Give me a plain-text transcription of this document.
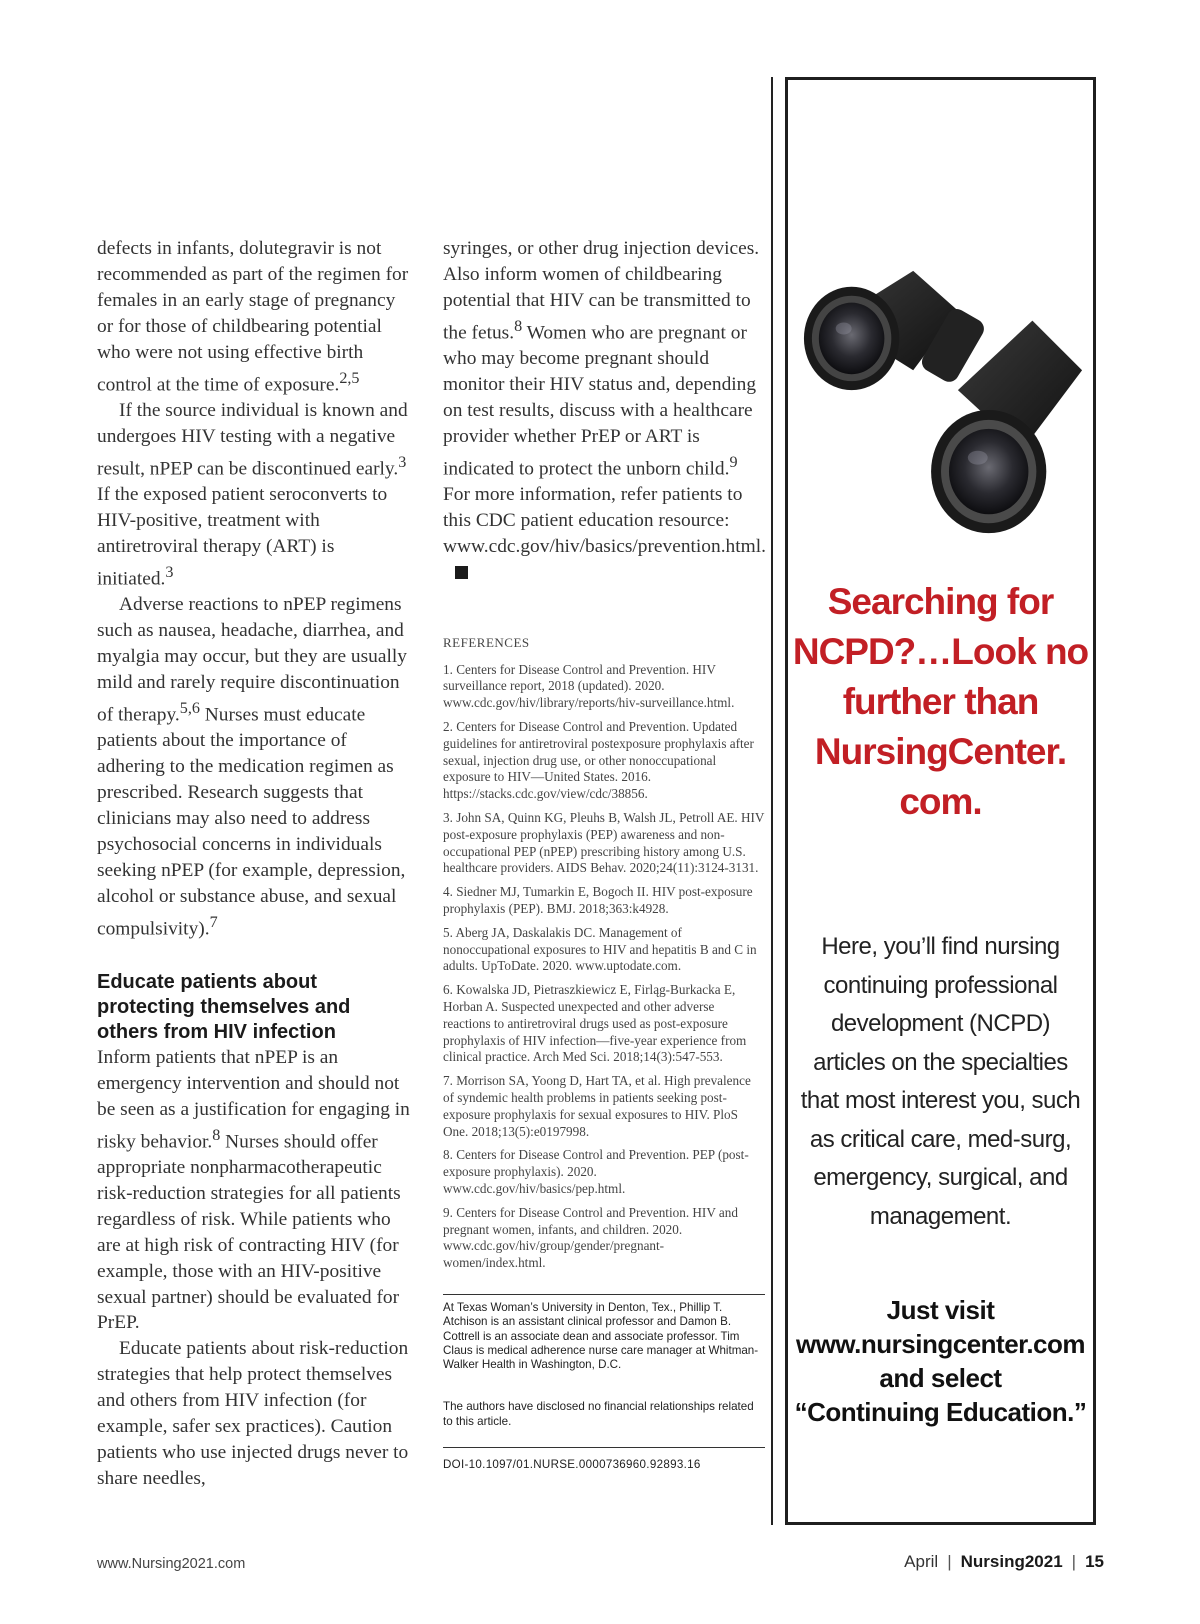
defects in infants, dolutegravir is not recommended as part of the regimen for females in an early stage of pregnancy or for those of childbearing potential who were not using effective birth control at the time of exposure.$^{2,5}$

If the source individual is known and undergoes HIV testing with a negative result, nPEP can be discontinued early.$^3$ If the exposed patient seroconverts to HIV-positive, treatment with antiretroviral therapy (ART) is initiated.$^3$

Adverse reactions to nPEP regimens such as nausea, headache, diarrhea, and myalgia may occur, but they are usually mild and rarely require discontinuation of therapy.$^{5,6}$ Nurses must educate patients about the importance of adhering to the medication regimen as prescribed. Research suggests that clinicians may also need to address psychosocial concerns in individuals seeking nPEP (for example, depression, alcohol or substance abuse, and sexual compulsivity).$^7$

Educate patients about protecting themselves and others from HIV infection

Inform patients that nPEP is an emergency intervention and should not be seen as a justification for engaging in risky behavior.$^8$ Nurses should offer appropriate nonpharmacotherapeutic risk-reduction strategies for all patients regardless of risk. While patients who are at high risk of contracting HIV (for example, those with an HIV-positive sexual partner) should be evaluated for PrEP.

Educate patients about risk-reduction strategies that help protect themselves and others from HIV infection (for example, safer sex practices). Caution patients who use injected drugs never to share needles,

syringes, or other drug injection devices. Also inform women of childbearing potential that HIV can be transmitted to the fetus.$^8$ Women who are pregnant or who may become pregnant should monitor their HIV status and, depending on test results, discuss with a healthcare provider whether PrEP or ART is indicated to protect the unborn child.$^9$ For more information, refer patients to this CDC patient education resource: www.cdc.gov/hiv/basics/prevention.html.

REFERENCES
1. Centers for Disease Control and Prevention. HIV surveillance report, 2018 (updated). 2020. www.cdc.gov/hiv/library/reports/hiv-surveillance.html.
2. Centers for Disease Control and Prevention. Updated guidelines for antiretroviral postexposure prophylaxis after sexual, injection drug use, or other nonoccupational exposure to HIV—United States. 2016. https://stacks.cdc.gov/view/cdc/38856.
3. John SA, Quinn KG, Pleuhs B, Walsh JL, Petroll AE. HIV post-exposure prophylaxis (PEP) awareness and non-occupational PEP (nPEP) prescribing history among U.S. healthcare providers. AIDS Behav. 2020;24(11):3124-3131.
4. Siedner MJ, Tumarkin E, Bogoch II. HIV post-exposure prophylaxis (PEP). BMJ. 2018;363:k4928.
5. Aberg JA, Daskalakis DC. Management of nonoccupational exposures to HIV and hepatitis B and C in adults. UpToDate. 2020. www.uptodate.com.
6. Kowalska JD, Pietraszkiewicz E, Firląg-Burkacka E, Horban A. Suspected unexpected and other adverse reactions to antiretroviral drugs used as post-exposure prophylaxis of HIV infection—five-year experience from clinical practice. Arch Med Sci. 2018;14(3):547-553.
7. Morrison SA, Yoong D, Hart TA, et al. High prevalence of syndemic health problems in patients seeking post-exposure prophylaxis for sexual exposures to HIV. PloS One. 2018;13(5):e0197998.
8. Centers for Disease Control and Prevention. PEP (post-exposure prophylaxis). 2020. www.cdc.gov/hiv/basics/pep.html.
9. Centers for Disease Control and Prevention. HIV and pregnant women, infants, and children. 2020. www.cdc.gov/hiv/group/gender/pregnant-women/index.html.
At Texas Woman’s University in Denton, Tex., Phillip T. Atchison is an assistant clinical professor and Damon B. Cottrell is an associate dean and associate professor. Tim Claus is medical adherence nurse care manager at Whitman-Walker Health in Washington, D.C.
The authors have disclosed no financial relationships related to this article.
DOI-10.1097/01.NURSE.0000736960.92893.16
Searching for
NCPD?…Look no
further than
NursingCenter.
com.
Here, you’ll find nursing
continuing professional
development (NCPD)
articles on the specialties
that most interest you, such
as critical care, med-surg,
emergency, surgical, and
management.
Just visit
www.nursingcenter.com
and select
“Continuing Education.”
www.Nursing2021.com	April | Nursing2021 | 15
